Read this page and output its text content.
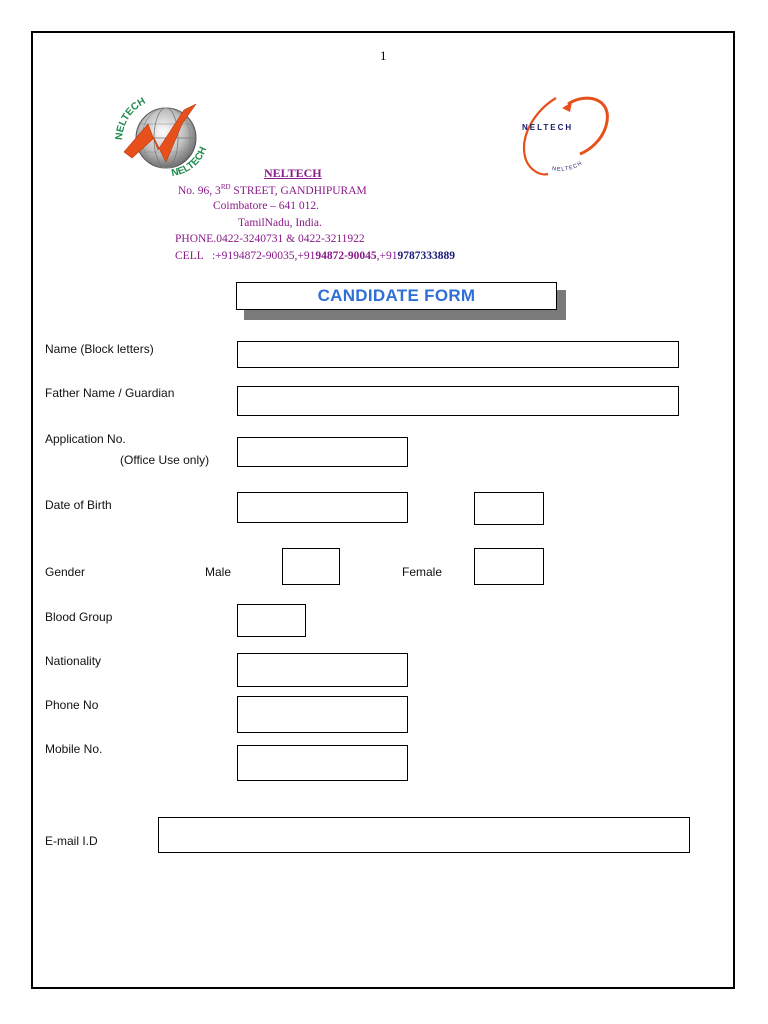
1
NELTECH
NELTECH
NELTECH
NELTECH
NELTECH
No. 96, 3RD STREET, GANDHIPURAM
Coimbatore – 641 012.
TamilNadu, India.
PHONE.0422-3240731 & 0422-3211922
CELL   :+9194872-90035,+9194872-90045,+919787333889
CANDIDATE FORM
Name (Block letters)
Father Name / Guardian
Application No.
(Office Use only)
Date of Birth
Gender	Male	Female
Blood Group
Nationality
Phone No
Mobile No.
E-mail I.D
